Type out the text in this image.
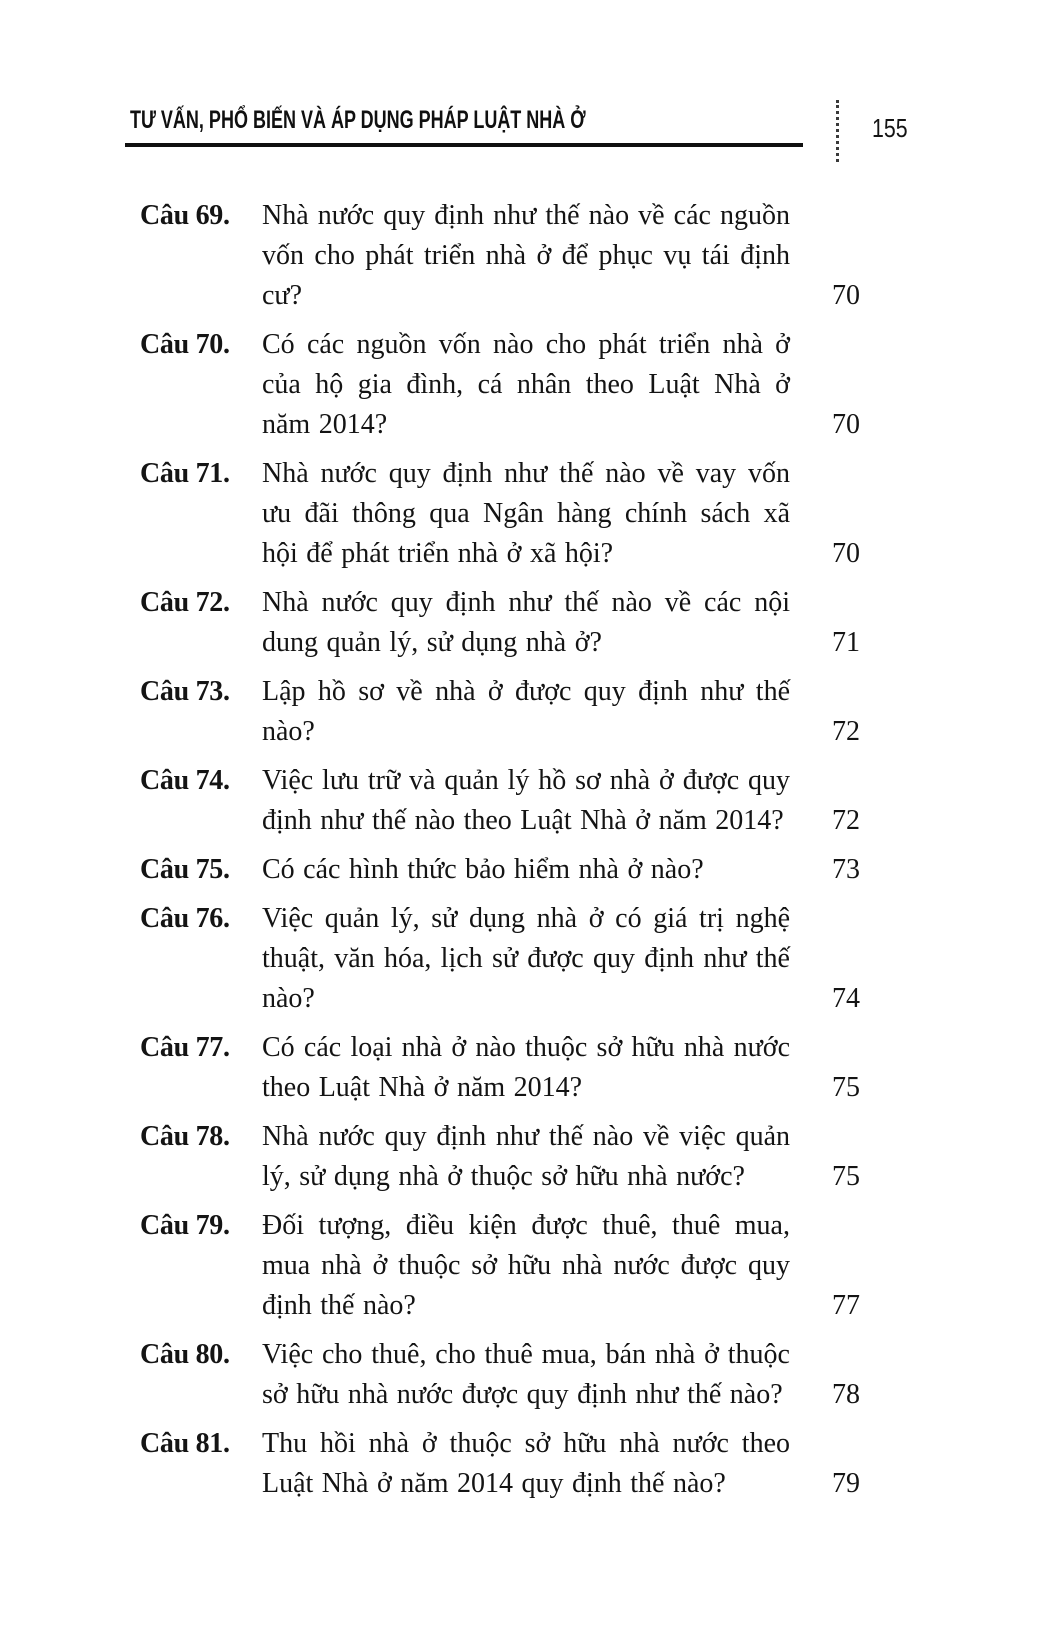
TƯ VẤN, PHỔ BIẾN VÀ ÁP DỤNG PHÁP LUẬT NHÀ Ở	155
Câu 69.	Nhà nước quy định như thế nào về các nguồn vốn cho phát triển nhà ở để phục vụ tái định cư?	70
Câu 70.	Có các nguồn vốn nào cho phát triển nhà ở của hộ gia đình, cá nhân theo Luật Nhà ở năm 2014?	70
Câu 71.	Nhà nước quy định như thế nào về vay vốn ưu đãi thông qua Ngân hàng chính sách xã hội để phát triển nhà ở xã hội?	70
Câu 72.	Nhà nước quy định như thế nào về các nội dung quản lý, sử dụng nhà ở?	71
Câu 73.	Lập hồ sơ về nhà ở được quy định như thế nào?	72
Câu 74.	Việc lưu trữ và quản lý hồ sơ nhà ở được quy định như thế nào theo Luật Nhà ở năm 2014?	72
Câu 75.	Có các hình thức bảo hiểm nhà ở nào?	73
Câu 76.	Việc quản lý, sử dụng nhà ở có giá trị nghệ thuật, văn hóa, lịch sử được quy định như thế nào?	74
Câu 77.	Có các loại nhà ở nào thuộc sở hữu nhà nước theo Luật Nhà ở năm 2014?	75
Câu 78.	Nhà nước quy định như thế nào về việc quản lý, sử dụng nhà ở thuộc sở hữu nhà nước?	75
Câu 79.	Đối tượng, điều kiện được thuê, thuê mua, mua nhà ở thuộc sở hữu nhà nước được quy định thế nào?	77
Câu 80.	Việc cho thuê, cho thuê mua, bán nhà ở thuộc sở hữu nhà nước được quy định như thế nào?	78
Câu 81.	Thu hồi nhà ở thuộc sở hữu nhà nước theo Luật Nhà ở năm 2014 quy định thế nào?	79
